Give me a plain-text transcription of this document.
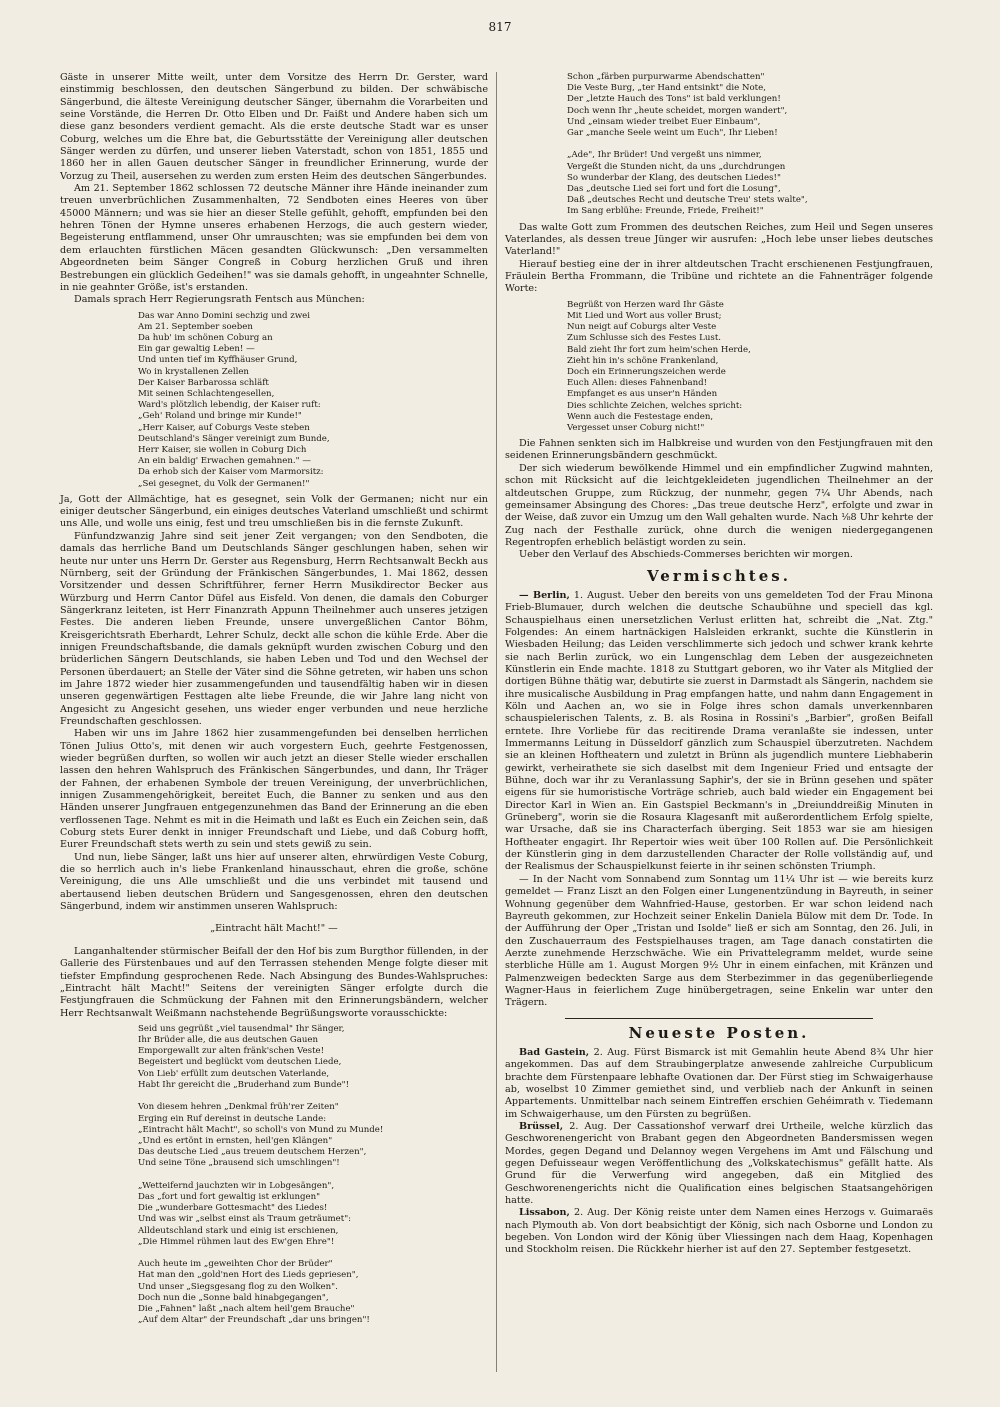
817

Gäste in unserer Mitte weilt, unter dem Vorsitze des Herrn Dr. Gerster, ward einstimmig beschlossen, den deutschen Sängerbund zu bilden. Der schwäbische Sängerbund, die älteste Vereinigung deutscher Sänger, übernahm die Vorarbeiten und seine Vorstände, die Herren Dr. Otto Elben und Dr. Faißt und Andere haben sich um diese ganz besonders verdient gemacht. Als die erste deutsche Stadt war es unser Coburg, welches um die Ehre bat, die Geburtsstätte der Vereinigung aller deutschen Sänger werden zu dürfen, und unserer lieben Vaterstadt, schon von 1851, 1855 und 1860 her in allen Gauen deutscher Sänger in freundlicher Erinnerung, wurde der Vorzug zu Theil, ausersehen zu werden zum ersten Heim des deutschen Sängerbundes.

Am 21. September 1862 schlossen 72 deutsche Männer ihre Hände ineinander zum treuen unverbrüchlichen Zusammenhalten, 72 Sendboten eines Heeres von über 45000 Männern; und was sie hier an dieser Stelle gefühlt, gehofft, empfunden bei den hehren Tönen der Hymne unseres erhabenen Herzogs, die auch gestern wieder, Begeisterung entflammend, unser Ohr umrauschten; was sie empfunden bei dem von dem erlauchten fürstlichen Mäcen gesandten Glückwunsch: „Den versammelten Abgeordneten beim Sänger Congreß in Coburg herzlichen Gruß und ihren Bestrebungen ein glücklich Gedeihen!" was sie damals gehofft, in ungeahnter Schnelle, in nie geahnter Größe, ist's erstanden.

Damals sprach Herr Regierungsrath Fentsch aus München:

Das war Anno Domini sechzig und zwei
Am 21. September soeben
Da hub' im schönen Coburg an
Ein gar gewaltig Leben! —
Und unten tief im Kyffhäuser Grund,
Wo in krystallenen Zellen
Der Kaiser Barbarossa schläft
Mit seinen Schlachtengesellen,
Ward's plötzlich lebendig, der Kaiser ruft:
„Geh' Roland und bringe mir Kunde!"
„Herr Kaiser, auf Coburgs Veste steben
Deutschland's Sänger vereinigt zum Bunde,
Herr Kaiser, sie wollen in Coburg Dich
An ein baldig' Erwachen gemahnen." —
Da erhob sich der Kaiser vom Marmorsitz:
„Sei gesegnet, du Volk der Germanen!"

Ja, Gott der Allmächtige, hat es gesegnet, sein Volk der Germanen; nicht nur ein einiger deutscher Sängerbund, ein einiges deutsches Vaterland umschließt und schirmt uns Alle, und wolle uns einig, fest und treu umschließen bis in die fernste Zukunft.

Fünfundzwanzig Jahre sind seit jener Zeit vergangen; von den Sendboten, die damals das herrliche Band um Deutschlands Sänger geschlungen haben, sehen wir heute nur unter uns Herrn Dr. Gerster aus Regensburg, Herrn Rechtsanwalt Beckh aus Nürnberg, seit der Gründung der Fränkischen Sängerbundes, 1. Mai 1862, dessen Vorsitzender und dessen Schriftführer, ferner Herrn Musikdirector Becker aus Würzburg und Herrn Cantor Düfel aus Eisfeld. Von denen, die damals den Coburger Sängerkranz leiteten, ist Herr Finanzrath Appunn Theilnehmer auch unseres jetzigen Festes. Die anderen lieben Freunde, unsere unvergeßlichen Cantor Böhm, Kreisgerichtsrath Eberhardt, Lehrer Schulz, deckt alle schon die kühle Erde. Aber die innigen Freundschaftsbande, die damals geknüpft wurden zwischen Coburg und den brüderlichen Sängern Deutschlands, sie haben Leben und Tod und den Wechsel der Personen überdauert; an Stelle der Väter sind die Söhne getreten, wir haben uns schon im Jahre 1872 wieder hier zusammengefunden und tausendfältig haben wir in diesen unseren gegenwärtigen Festtagen alte liebe Freunde, die wir Jahre lang nicht von Angesicht zu Angesicht gesehen, uns wieder enger verbunden und neue herzliche Freundschaften geschlossen.

Haben wir uns im Jahre 1862 hier zusammengefunden bei denselben herrlichen Tönen Julius Otto's, mit denen wir auch vorgestern Euch, geehrte Festgenossen, wieder begrüßen durften, so wollen wir auch jetzt an dieser Stelle wieder erschallen lassen den hehren Wahlspruch des Fränkischen Sängerbundes, und dann, Ihr Träger der Fahnen, der erhabenen Symbole der treuen Vereinigung, der unverbrüchlichen, innigen Zusammengehörigkeit, bereitet Euch, die Banner zu senken und aus den Händen unserer Jungfrauen entgegenzunehmen das Band der Erinnerung an die eben verflossenen Tage. Nehmt es mit in die Heimath und laßt es Euch ein Zeichen sein, daß Coburg stets Eurer denkt in inniger Freundschaft und Liebe, und daß Coburg hofft, Eurer Freundschaft stets werth zu sein und stets gewiß zu sein.

Und nun, liebe Sänger, laßt uns hier auf unserer alten, ehrwürdigen Veste Coburg, die so herrlich auch in's liebe Frankenland hinausschaut, ehren die große, schöne Vereinigung, die uns Alle umschließt und die uns verbindet mit tausend und abertausend lieben deutschen Brüdern und Sangesgenossen, ehren den deutschen Sängerbund, indem wir anstimmen unseren Wahlspruch:

„Eintracht hält Macht!" —

Langanhaltender stürmischer Beifall der den Hof bis zum Burgthor füllenden, in der Gallerie des Fürstenbaues und auf den Terrassen stehenden Menge folgte dieser mit tiefster Empfindung gesprochenen Rede. Nach Absingung des Bundes-Wahlspruches: „Eintracht hält Macht!" Seitens der vereinigten Sänger erfolgte durch die Festjungfrauen die Schmückung der Fahnen mit den Erinnerungsbändern, welcher Herr Rechtsanwalt Weißmann nachstehende Begrüßungsworte vorausschickte:

Seid uns gegrüßt „viel tausendmal" Ihr Sänger,
Ihr Brüder alle, die aus deutschen Gauen
Emporgewallt zur alten fränk'schen Veste!
Begeistert und beglückt vom deutschen Liede,
Von Lieb' erfüllt zum deutschen Vaterlande,
Habt Ihr gereicht die „Bruderhand zum Bunde"!

Von diesem hehren „Denkmal früh'rer Zeiten"
Erging ein Ruf dereinst in deutsche Lande:
„Eintracht hält Macht", so scholl's von Mund zu Munde!
„Und es ertönt in ernsten, heil'gen Klängen"
Das deutsche Lied „aus treuem deutschem Herzen",
Und seine Töne „brausend sich umschlingen"!

„Wetteifernd jauchzten wir in Lobgesängen",
Das „fort und fort gewaltig ist erklungen"
Die „wunderbare Gottesmacht" des Liedes!
Und was wir „selbst einst als Traum geträumet":
Alldeutschland stark und einig ist erschienen,
„Die Himmel rühmen laut des Ew'gen Ehre"!

Auch heute im „geweihten Chor der Brüder"
Hat man den „gold'nen Hort des Lieds gepriesen",
Und unser „Siegsgesang flog zu den Wolken".
Doch nun die „Sonne bald hinabgegangen",
Die „Fahnen" laßt „nach altem heil'gem Brauche"
„Auf dem Altar" der Freundschaft „dar uns bringen"!
Schon „färben purpurwarme Abendschatten"
Die Veste Burg, „ter Hand entsinkt" die Note,
Der „letzte Hauch des Tons" ist bald verklungen!
Doch wenn Ihr „heute scheidet, morgen wandert",
Und „einsam wieder treibet Euer Einbaum",
Gar „manche Seele weint um Euch", Ihr Lieben!

„Ade", Ihr Brüder! Und vergeßt uns nimmer,
Vergeßt die Stunden nicht, da uns „durchdrungen
So wunderbar der Klang, des deutschen Liedes!"
Das „deutsche Lied sei fort und fort die Losung",
Daß „deutsches Recht und deutsche Treu' stets walte",
Im Sang erblühe: Freunde, Friede, Freiheit!"

Das walte Gott zum Frommen des deutschen Reiches, zum Heil und Segen unseres Vaterlandes, als dessen treue Jünger wir ausrufen: „Hoch lebe unser liebes deutsches Vaterland!"

Hierauf bestieg eine der in ihrer altdeutschen Tracht erschienenen Festjungfrauen, Fräulein Bertha Frommann, die Tribüne und richtete an die Fahnenträger folgende Worte:

Begrüßt von Herzen ward Ihr Gäste
Mit Lied und Wort aus voller Brust;
Nun neigt auf Coburgs alter Veste
Zum Schlusse sich des Festes Lust.
Bald zieht Ihr fort zum heim'schen Herde,
Zieht hin in's schöne Frankenland,
Doch ein Erinnerungszeichen werde
Euch Allen: dieses Fahnenband!
Empfanget es aus unser'n Händen
Dies schlichte Zeichen, welches spricht:
Wenn auch die Festestage enden,
Vergesset unser Coburg nicht!"

Die Fahnen senkten sich im Halbkreise und wurden von den Festjungfrauen mit den seidenen Erinnerungsbändern geschmückt.

Der sich wiederum bewölkende Himmel und ein empfindlicher Zugwind mahnten, schon mit Rücksicht auf die leichtgekleideten jugendlichen Theilnehmer an der altdeutschen Gruppe, zum Rückzug, der nunmehr, gegen 7¼ Uhr Abends, nach gemeinsamer Absingung des Chores: „Das treue deutsche Herz", erfolgte und zwar in der Weise, daß zuvor ein Umzug um den Wall gehalten wurde. Nach ⅛8 Uhr kehrte der Zug nach der Festhalle zurück, ohne durch die wenigen niedergegangenen Regentropfen erheblich belästigt worden zu sein.

Ueber den Verlauf des Abschieds-Commerses berichten wir morgen.

Vermischtes.

— Berlin, 1. August. Ueber den bereits von uns gemeldeten Tod der Frau Minona Frieb-Blumauer, durch welchen die deutsche Schaubühne und speciell das kgl. Schauspielhaus einen unersetzlichen Verlust erlitten hat, schreibt die „Nat. Ztg." Folgendes: An einem hartnäckigen Halsleiden erkrankt, suchte die Künstlerin in Wiesbaden Heilung; das Leiden verschlimmerte sich jedoch und schwer krank kehrte sie nach Berlin zurück, wo ein Lungenschlag dem Leben der ausgezeichneten Künstlerin ein Ende machte. 1818 zu Stuttgart geboren, wo ihr Vater als Mitglied der dortigen Bühne thätig war, debutirte sie zuerst in Darmstadt als Sängerin, nachdem sie ihre musicalische Ausbildung in Prag empfangen hatte, und nahm dann Engagement in Köln und Aachen an, wo sie in Folge ihres schon damals unverkennbaren schauspielerischen Talents, z. B. als Rosina in Rossini's „Barbier", großen Beifall erntete. Ihre Vorliebe für das recitirende Drama veranlaßte sie indessen, unter Immermanns Leitung in Düsseldorf gänzlich zum Schauspiel überzutreten. Nachdem sie an kleinen Hoftheatern und zuletzt in Brünn als jugendlich muntere Liebhaberin gewirkt, verheirathete sie sich daselbst mit dem Ingenieur Fried und entsagte der Bühne, doch war ihr zu Veranlassung Saphir's, der sie in Brünn gesehen und später eigens für sie humoristische Vorträge schrieb, auch bald wieder ein Engagement bei Director Karl in Wien an. Ein Gastspiel Beckmann's in „Dreiunddreißig Minuten in Grüneberg", worin sie die Rosaura Klagesanft mit außerordentlichem Erfolg spielte, war Ursache, daß sie ins Characterfach überging. Seit 1853 war sie am hiesigen Hoftheater engagirt. Ihr Repertoir wies weit über 100 Rollen auf. Die Persönlichkeit der Künstlerin ging in dem darzustellenden Character der Rolle vollständig auf, und der Realismus der Schauspielkunst feierte in ihr seinen schönsten Triumph.

— In der Nacht vom Sonnabend zum Sonntag um 11¼ Uhr ist — wie bereits kurz gemeldet — Franz Liszt an den Folgen einer Lungenentzündung in Bayreuth, in seiner Wohnung gegenüber dem Wahnfried-Hause, gestorben. Er war schon leidend nach Bayreuth gekommen, zur Hochzeit seiner Enkelin Daniela Bülow mit dem Dr. Tode. In der Aufführung der Oper „Tristan und Isolde" ließ er sich am Sonntag, den 26. Juli, in den Zuschauerraum des Festspielhauses tragen, am Tage danach constatirten die Aerzte zunehmende Herzschwäche. Wie ein Privattelegramm meldet, wurde seine sterbliche Hülle am 1. August Morgen 9½ Uhr in einem einfachen, mit Kränzen und Palmenzweigen bedeckten Sarge aus dem Sterbezimmer in das gegenüberliegende Wagner-Haus in feierlichem Zuge hinübergetragen, seine Enkelin war unter den Trägern.

Neueste Posten.

Bad Gastein, 2. Aug. Fürst Bismarck ist mit Gemahlin heute Abend 8¾ Uhr hier angekommen. Das auf dem Straubingerplatze anwesende zahlreiche Curpublicum brachte dem Fürstenpaare lebhafte Ovationen dar. Der Fürst stieg im Schwaigerhause ab, woselbst 10 Zimmer gemiethet sind, und verblieb nach der Ankunft in seinen Appartements. Unmittelbar nach seinem Eintreffen erschien Gehéimrath v. Tiedemann im Schwaigerhause, um den Fürsten zu begrüßen.

Brüssel, 2. Aug. Der Cassationshof verwarf drei Urtheile, welche kürzlich das Geschworenengericht von Brabant gegen den Abgeordneten Bandersmissen wegen Mordes, gegen Degand und Delannoy wegen Vergehens im Amt und Fälschung und gegen Defuisseaur wegen Veröffentlichung des „Volkskatechismus" gefällt hatte. Als Grund für die Verwerfung wird angegeben, daß ein Mitglied des Geschworenengerichts nicht die Qualification eines belgischen Staatsangehörigen hatte.

Lissabon, 2. Aug. Der König reiste unter dem Namen eines Herzogs v. Guimaraës nach Plymouth ab. Von dort beabsichtigt der König, sich nach Osborne und London zu begeben. Von London wird der König über Vliessingen nach dem Haag, Kopenhagen und Stockholm reisen. Die Rückkehr hierher ist auf den 27. September festgesetzt.
